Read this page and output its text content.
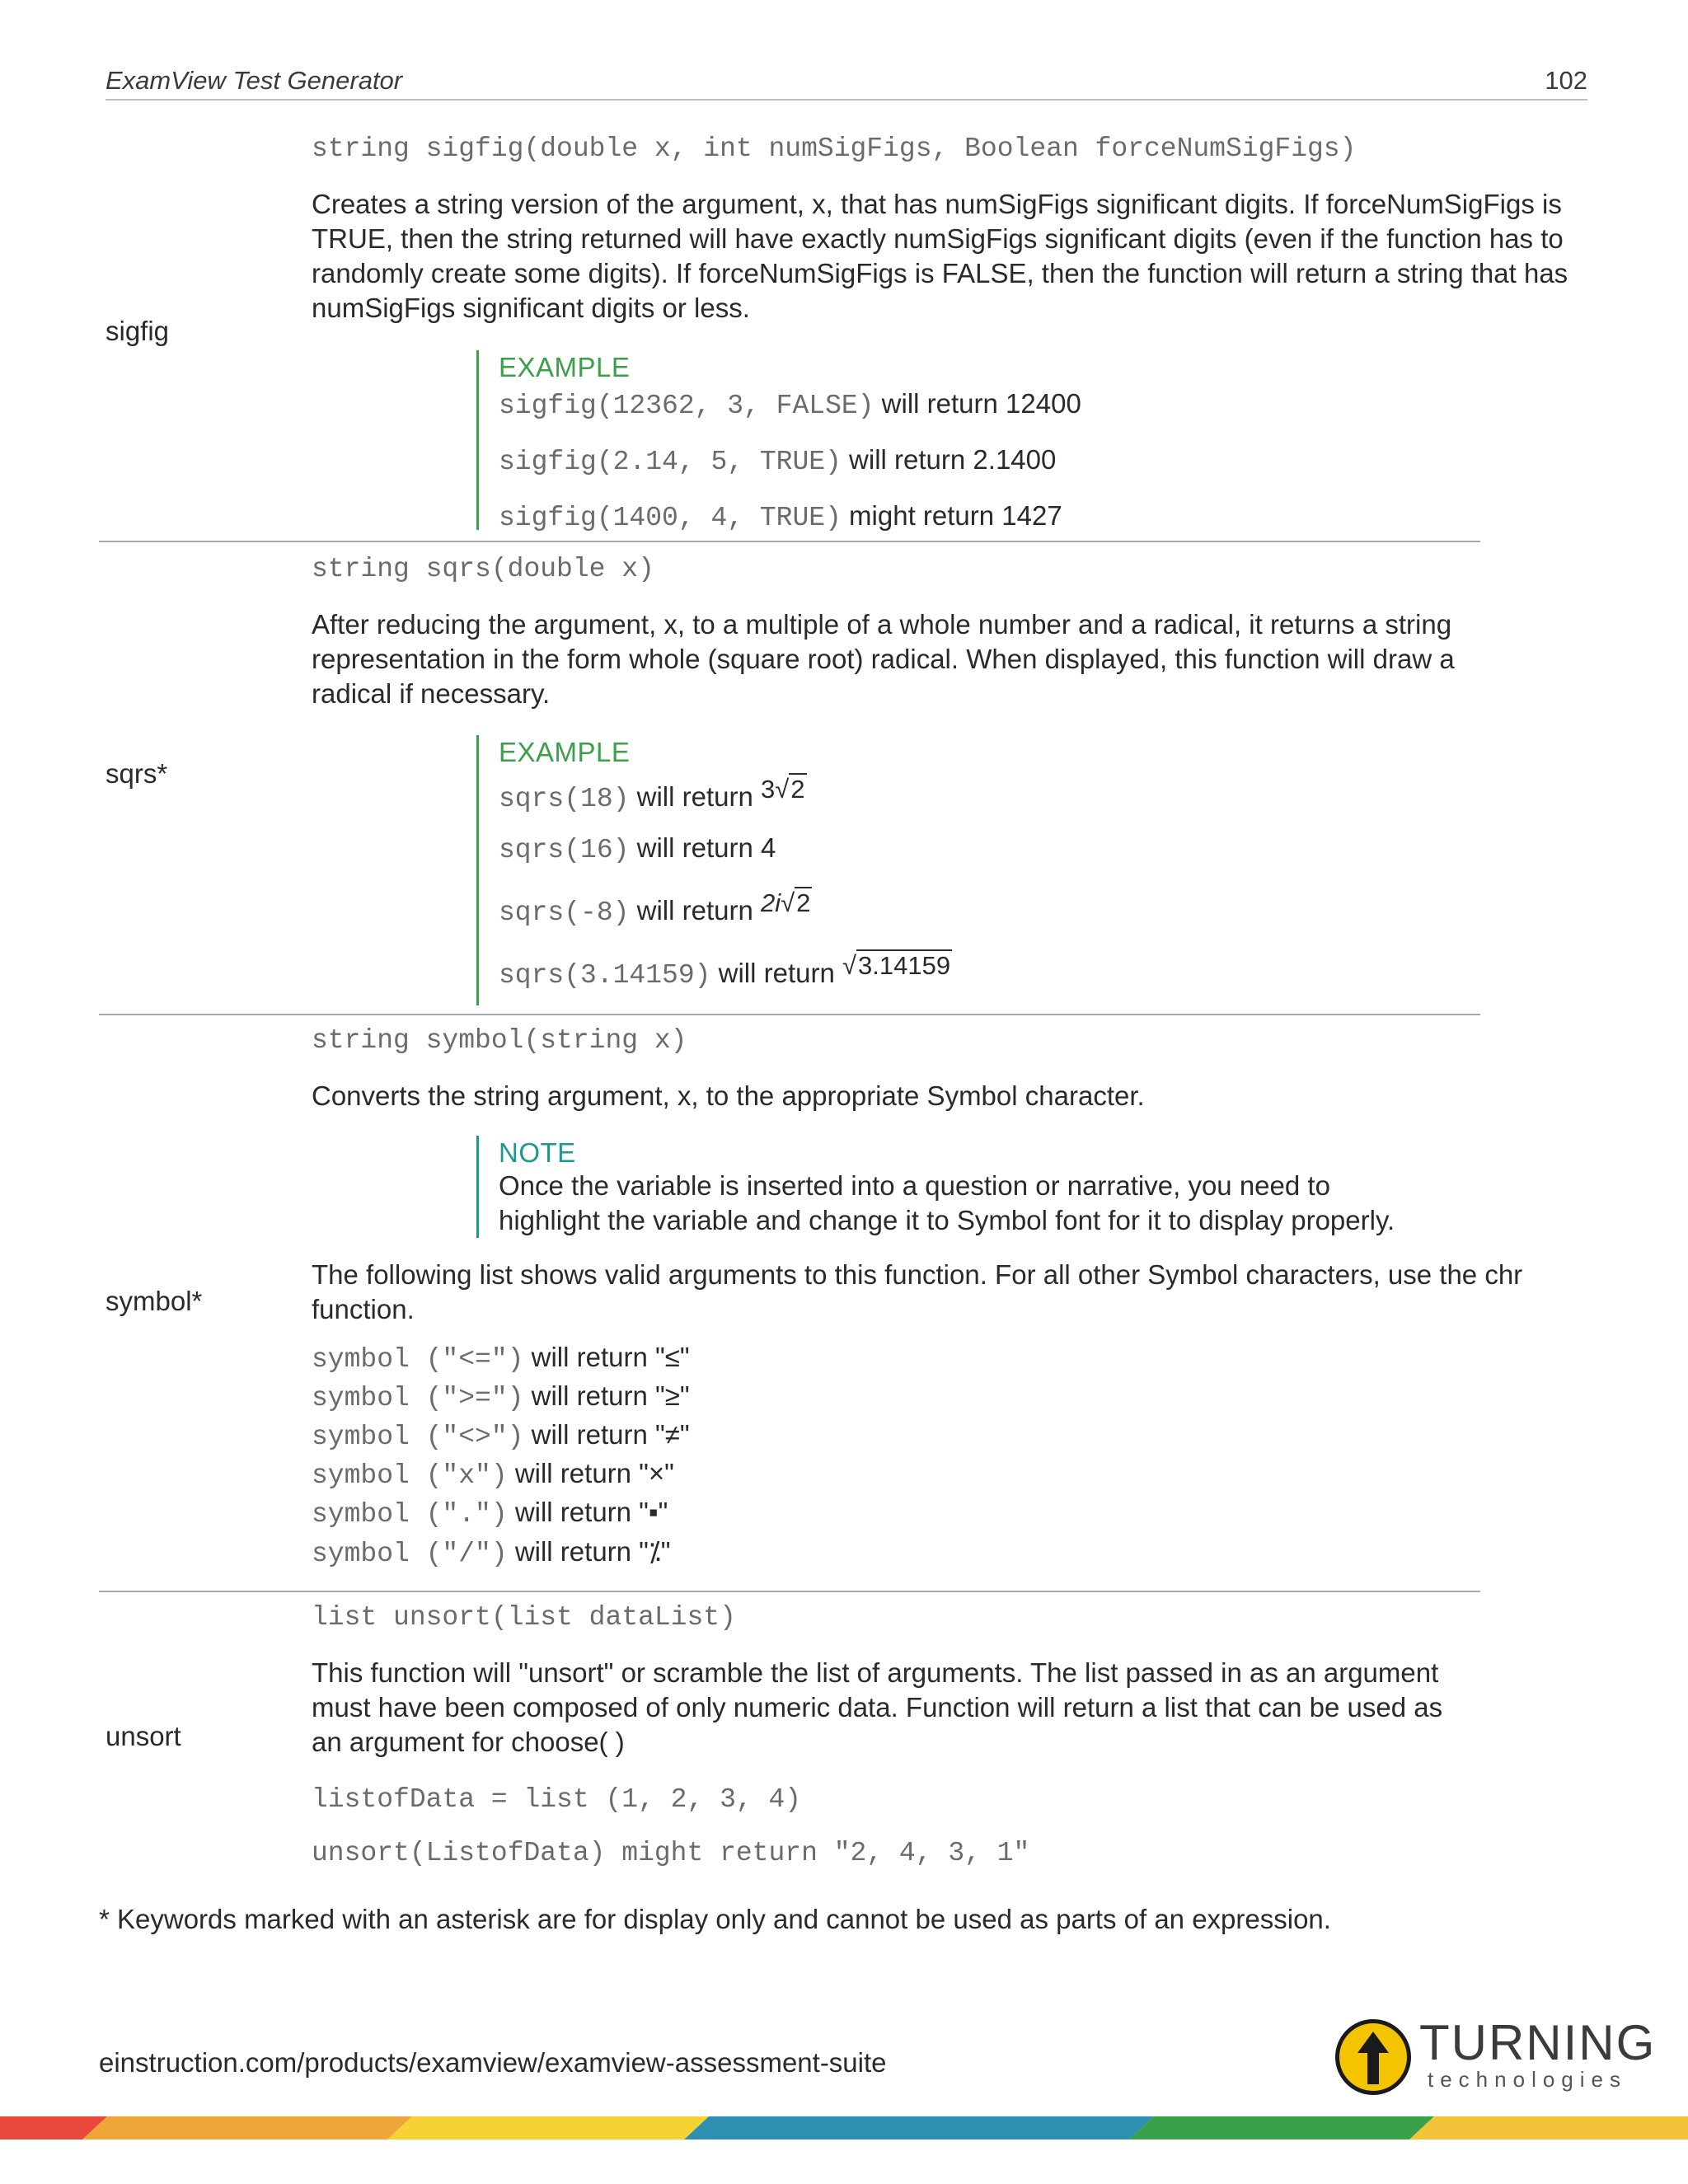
ExamView Test Generator	102
sigfig
string sigfig(double x, int numSigFigs, Boolean forceNumSigFigs)

Creates a string version of the argument, x, that has numSigFigs significant digits. If forceNumSigFigs is TRUE, then the string returned will have exactly numSigFigs significant digits (even if the function has to randomly create some digits). If forceNumSigFigs is FALSE, then the function will return a string that has numSigFigs significant digits or less.

EXAMPLE
sigfig(12362, 3, FALSE) will return 12400
sigfig(2.14, 5, TRUE) will return 2.1400
sigfig(1400, 4, TRUE) might return 1427
sqrs*
string sqrs(double x)

After reducing the argument, x, to a multiple of a whole number and a radical, it returns a string representation in the form whole (square root) radical. When displayed, this function will draw a radical if necessary.

EXAMPLE
sqrs(18) will return 3√2
sqrs(16) will return 4
sqrs(-8) will return 2i√2
sqrs(3.14159) will return √3.14159
symbol*
string symbol(string x)

Converts the string argument, x, to the appropriate Symbol character.

NOTE

Once the variable is inserted into a question or narrative, you need to highlight the variable and change it to Symbol font for it to display properly.

The following list shows valid arguments to this function. For all other Symbol characters, use the chr function.

symbol ("<=") will return "≤"
symbol (">=") will return "≥"
symbol ("<>") will return "≠"
symbol ("x") will return "×"
symbol (".") will return "▪"
symbol ("/") will return "⁒"
unsort
list unsort(list dataList)

This function will "unsort" or scramble the list of arguments. The list passed in as an argument must have been composed of only numeric data. Function will return a list that can be used as an argument for choose( )

listofData = list (1, 2, 3, 4)
unsort(ListofData) might return "2, 4, 3, 1"
* Keywords marked with an asterisk are for display only and cannot be used as parts of an expression.
einstruction.com/products/examview/examview-assessment-suite	TURNING
technologies
